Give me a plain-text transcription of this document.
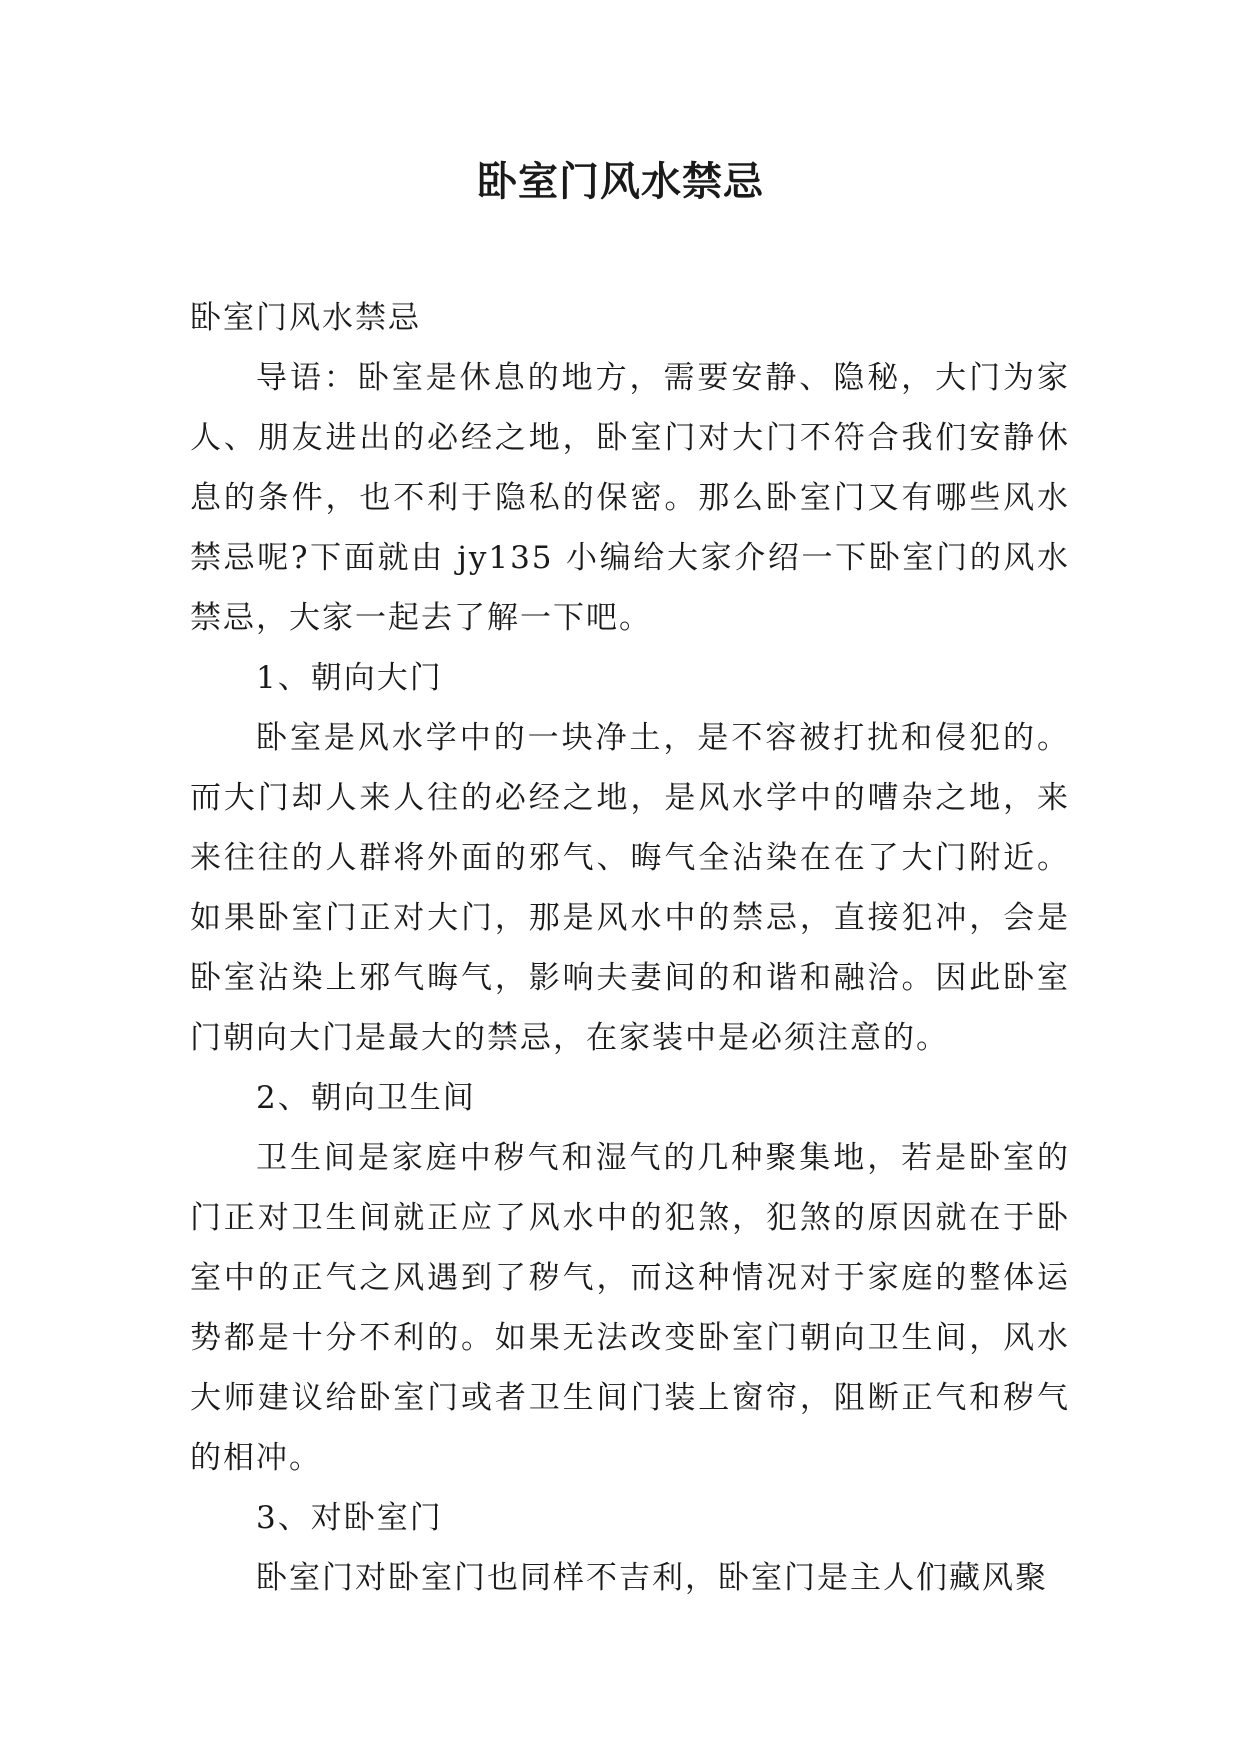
卧室门风水禁忌

卧室门风水禁忌

导语：卧室是休息的地方，需要安静、隐秘，大门为家人、朋友进出的必经之地，卧室门对大门不符合我们安静休息的条件，也不利于隐私的保密。那么卧室门又有哪些风水禁忌呢?下面就由 jy135 小编给大家介绍一下卧室门的风水禁忌，大家一起去了解一下吧。

1、朝向大门

卧室是风水学中的一块净土，是不容被打扰和侵犯的。而大门却人来人往的必经之地，是风水学中的嘈杂之地，来来往往的人群将外面的邪气、晦气全沾染在在了大门附近。如果卧室门正对大门，那是风水中的禁忌，直接犯冲，会是卧室沾染上邪气晦气，影响夫妻间的和谐和融洽。因此卧室门朝向大门是最大的禁忌，在家装中是必须注意的。

2、朝向卫生间

卫生间是家庭中秽气和湿气的几种聚集地，若是卧室的门正对卫生间就正应了风水中的犯煞，犯煞的原因就在于卧室中的正气之风遇到了秽气，而这种情况对于家庭的整体运势都是十分不利的。如果无法改变卧室门朝向卫生间，风水大师建议给卧室门或者卫生间门装上窗帘，阻断正气和秽气的相冲。

3、对卧室门

卧室门对卧室门也同样不吉利，卧室门是主人们藏风聚
